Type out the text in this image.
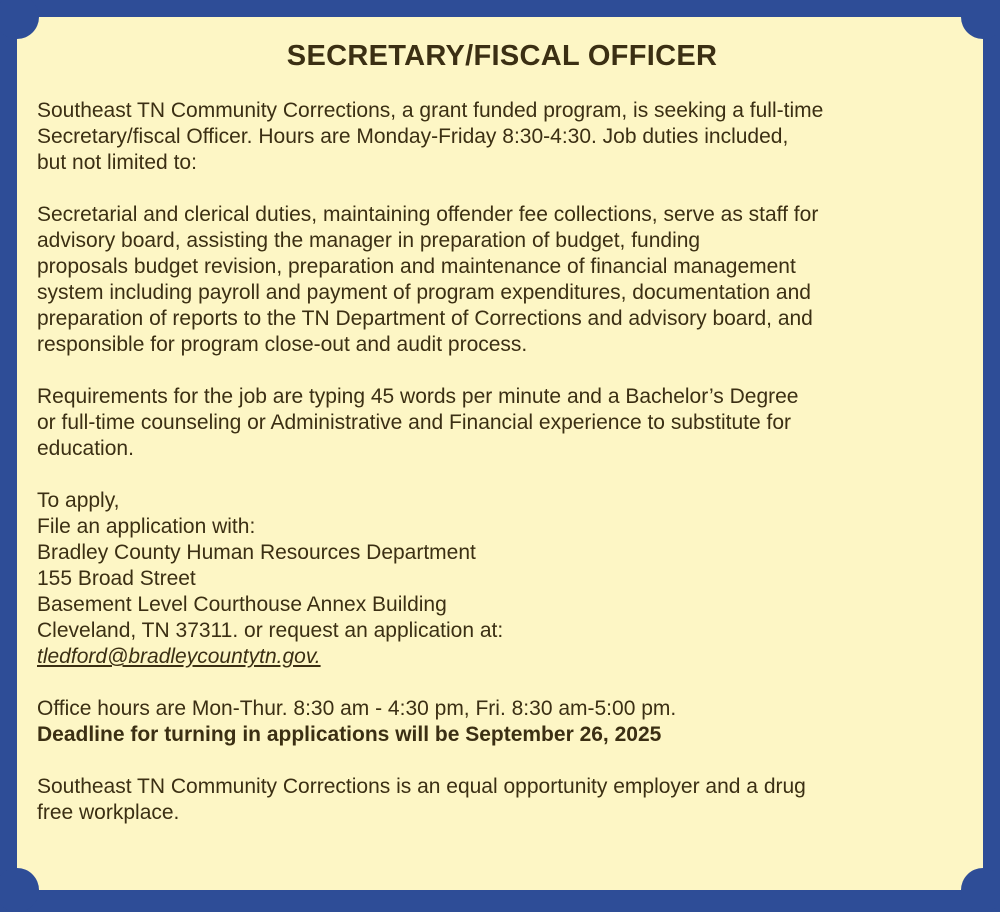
SECRETARY/FISCAL OFFICER
Southeast TN Community Corrections, a grant funded program, is seeking a full-time
Secretary/fiscal Officer. Hours are Monday-Friday 8:30-4:30. Job duties included,
but not limited to:
Secretarial and clerical duties, maintaining offender fee collections, serve as staff for
advisory board, assisting the manager in preparation of budget, funding
proposals budget revision, preparation and maintenance of financial management
system including payroll and payment of program expenditures, documentation and
preparation of reports to the TN Department of Corrections and advisory board, and
responsible for program close-out and audit process.
Requirements for the job are typing 45 words per minute and a Bachelor’s Degree
or full-time counseling or Administrative and Financial experience to substitute for
education.
To apply,
File an application with:
Bradley County Human Resources Department
155 Broad Street
Basement Level Courthouse Annex Building
Cleveland, TN 37311. or request an application at:
tledford@bradleycountytn.gov.
Office hours are Mon-Thur. 8:30 am - 4:30 pm, Fri. 8:30 am-5:00 pm.
Deadline for turning in applications will be September 26, 2025
Southeast TN Community Corrections is an equal opportunity employer and a drug
free workplace.
